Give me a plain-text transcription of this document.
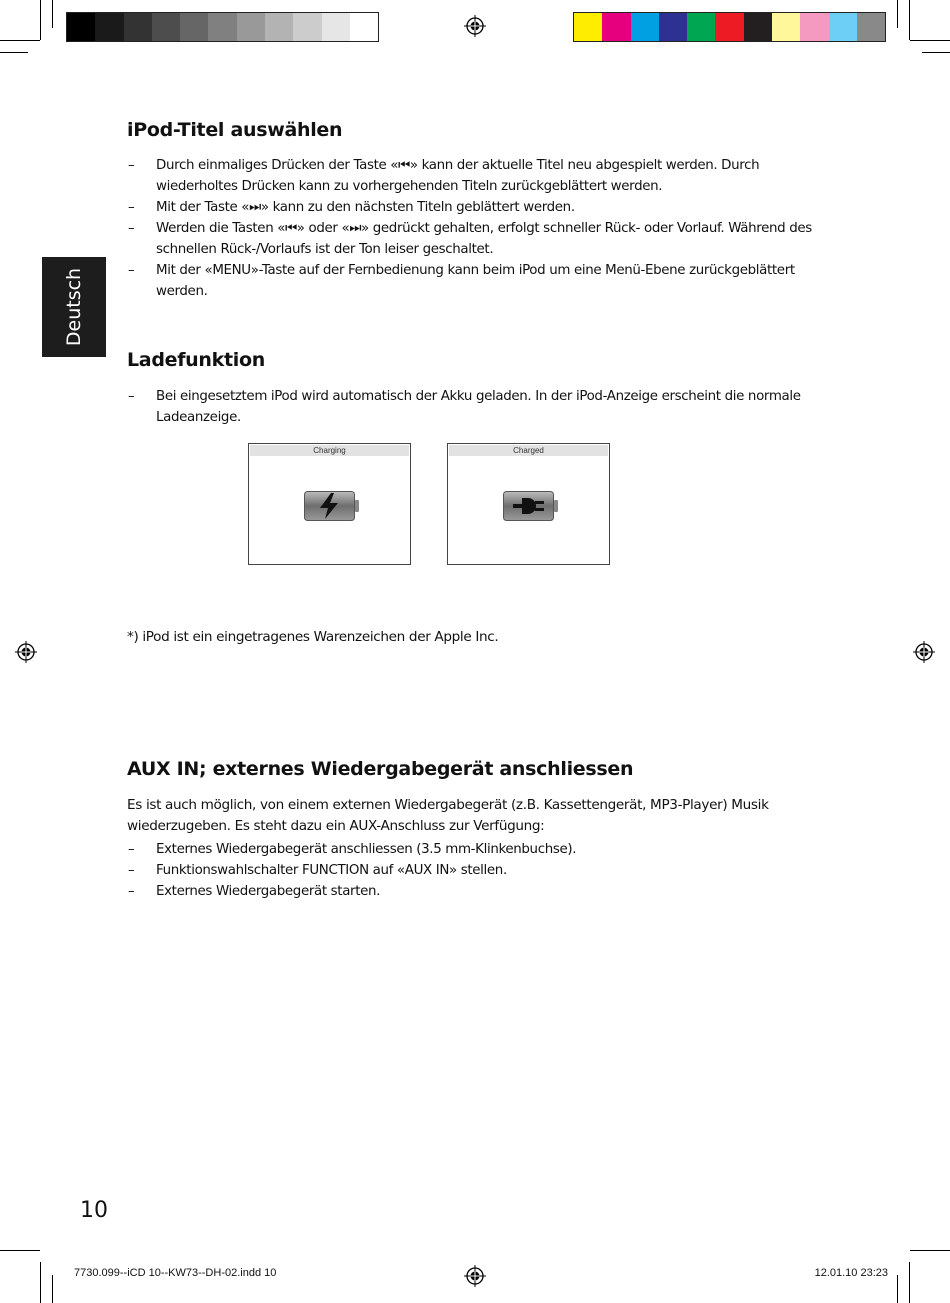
Deutsch
iPod-Titel auswählen
– Durch einmaliges Drücken der Taste «⏮» kann der aktuelle Titel neu abgespielt werden. Durch wiederholtes Drücken kann zu vorhergehenden Titeln zurückgeblättert werden.
– Mit der Taste «⏭» kann zu den nächsten Titeln geblättert werden.
– Werden die Tasten «⏮» oder «⏭» gedrückt gehalten, erfolgt schneller Rück- oder Vorlauf. Während des schnellen Rück-/Vorlaufs ist der Ton leiser geschaltet.
– Mit der «MENU»-Taste auf der Fernbedienung kann beim iPod um eine Menü-Ebene zurückgeblättert werden.
Ladefunktion
– Bei eingesetztem iPod wird automatisch der Akku geladen. In der iPod-Anzeige erscheint die normale Ladeanzeige.
Charging	Charged

*) iPod ist ein eingetragenes Warenzeichen der Apple Inc.

AUX IN; externes Wiedergabegerät anschliessen

Es ist auch möglich, von einem externen Wiedergabegerät (z.B. Kassettengerät, MP3-Player) Musik wiederzugeben. Es steht dazu ein AUX-Anschluss zur Verfügung:

– Externes Wiedergabegerät anschliessen (3.5 mm-Klinkenbuchse).
– Funktionswahlschalter FUNCTION auf «AUX IN» stellen.
– Externes Wiedergabegerät starten.
10
7730.099--iCD 10--KW73--DH-02.indd 10	12.01.10 23:23
